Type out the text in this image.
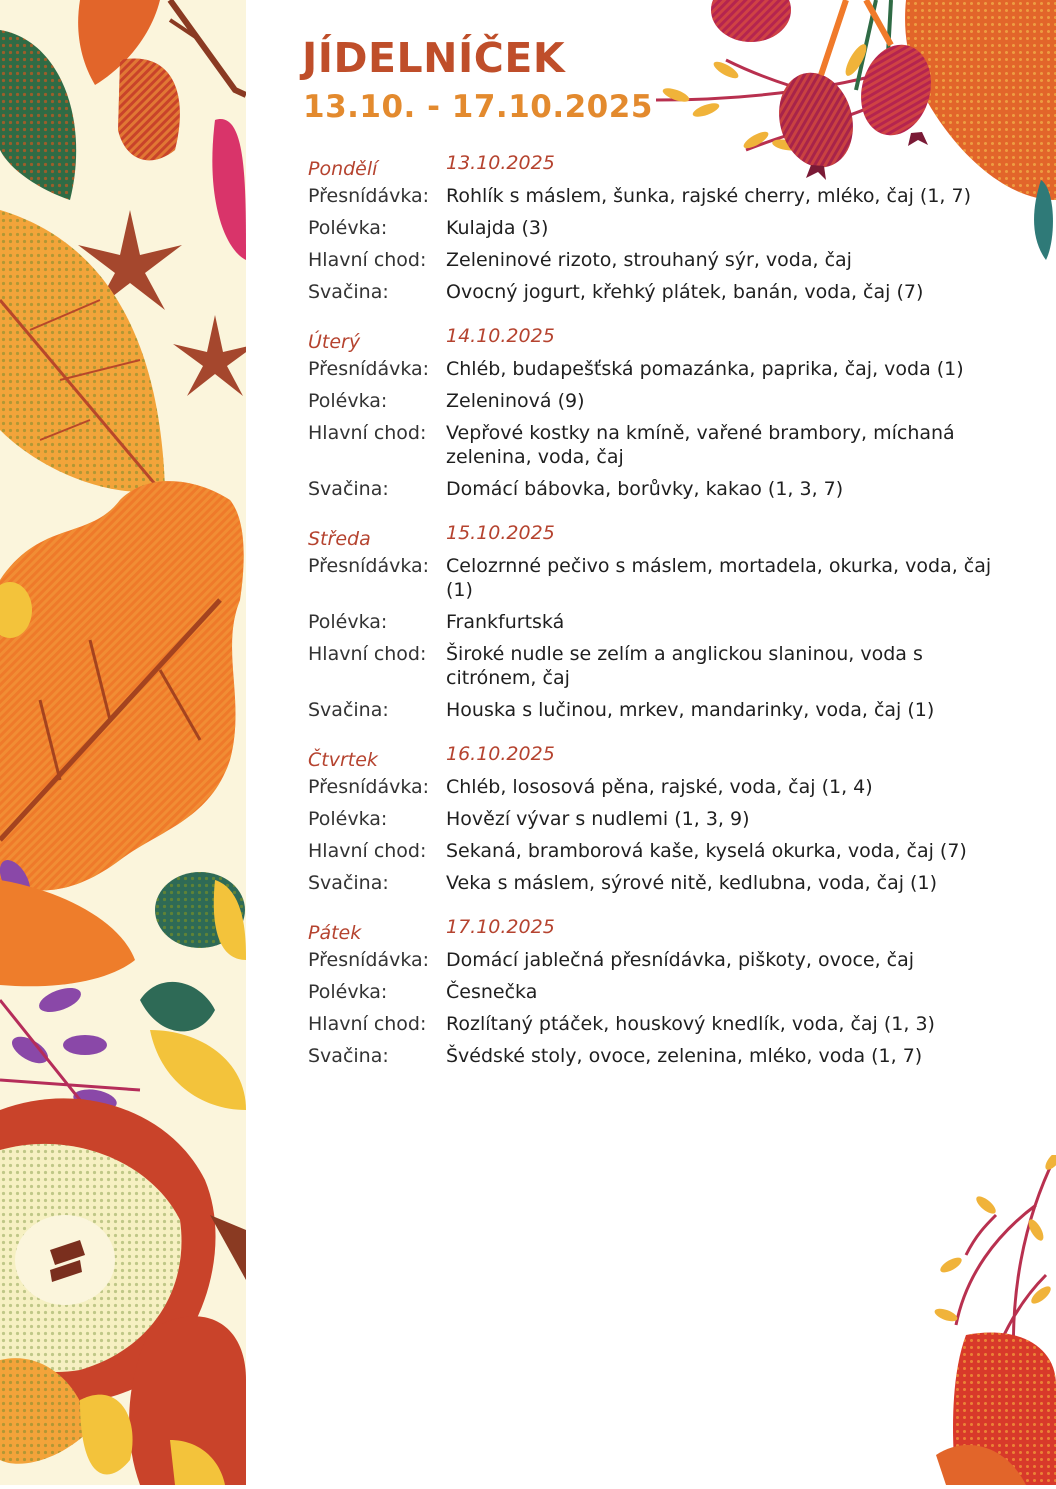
JÍDELNÍČEK
13.10. - 17.10.2025
Pondělí	13.10.2025
Přesnídávka: Rohlík s máslem, šunka, rajské cherry, mléko, čaj (1, 7)
Polévka:	Kulajda (3)
Hlavní chod:	Zeleninové rizoto, strouhaný sýr, voda, čaj
Svačina:	Ovocný jogurt, křehký plátek, banán, voda, čaj (7)
Úterý	14.10.2025
Přesnídávka: Chléb, budapešťská pomazánka, paprika, čaj, voda (1)
Polévka:	Zeleninová (9)
Hlavní chod:	Vepřové kostky na kmíně, vařené brambory, míchaná zelenina, voda, čaj
Svačina:	Domácí bábovka, borůvky, kakao (1, 3, 7)
Středa	15.10.2025
Přesnídávka: Celozrnné pečivo s máslem, mortadela, okurka, voda, čaj (1)
Polévka:	Frankfurtská
Hlavní chod:	Široké nudle se zelím a anglickou slaninou, voda s citrónem, čaj
Svačina:	Houska s lučinou, mrkev, mandarinky, voda, čaj (1)
Čtvrtek	16.10.2025
Přesnídávka: Chléb, lososová pěna, rajské, voda, čaj (1, 4)
Polévka:	Hovězí vývar s nudlemi (1, 3, 9)
Hlavní chod:	Sekaná, bramborová kaše, kyselá okurka, voda, čaj (7)
Svačina:	Veka s máslem, sýrové nitě, kedlubna, voda, čaj (1)
Pátek	17.10.2025
Přesnídávka: Domácí jablečná přesnídávka, piškoty, ovoce, čaj
Polévka:	Česnečka
Hlavní chod:	Rozlítaný ptáček, houskový knedlík, voda, čaj (1, 3)
Svačina:	Švédské stoly, ovoce, zelenina, mléko, voda (1, 7)
